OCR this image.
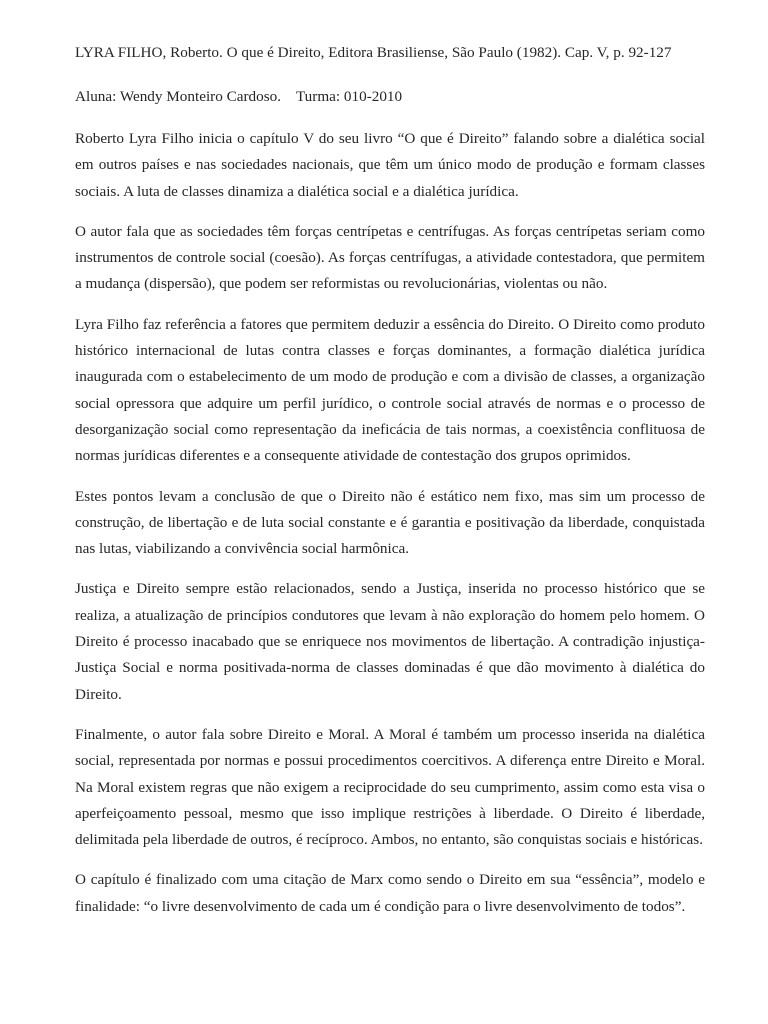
LYRA FILHO, Roberto. O que é Direito, Editora Brasiliense, São Paulo (1982). Cap. V, p. 92-127

Aluna: Wendy Monteiro Cardoso.    Turma: 010-2010

Roberto Lyra Filho inicia o capítulo V do seu livro “O que é Direito” falando sobre a dialética social em outros países e nas sociedades nacionais, que têm um único modo de produção e formam classes sociais. A luta de classes dinamiza a dialética social e a dialética jurídica.

O autor fala que as sociedades têm forças centrípetas e centrífugas. As forças centrípetas seriam como instrumentos de controle social (coesão). As forças centrífugas, a atividade contestadora, que permitem a mudança (dispersão), que podem ser reformistas ou revolucionárias, violentas ou não.

Lyra Filho faz referência a fatores que permitem deduzir a essência do Direito. O Direito como produto histórico internacional de lutas contra classes e forças dominantes, a formação dialética jurídica inaugurada com o estabelecimento de um modo de produção e com a divisão de classes, a organização social opressora que adquire um perfil jurídico, o controle social através de normas e o processo de desorganização social como representação da ineficácia de tais normas, a coexistência conflituosa de normas jurídicas diferentes e a consequente atividade de contestação dos grupos oprimidos.

Estes pontos levam a conclusão de que o Direito não é estático nem fixo, mas sim um processo de construção, de libertação e de luta social constante e é garantia e positivação da liberdade, conquistada nas lutas, viabilizando a convivência social harmônica.

Justiça e Direito sempre estão relacionados, sendo a Justiça, inserida no processo histórico que se realiza, a atualização de princípios condutores que levam à não exploração do homem pelo homem. O Direito é processo inacabado que se enriquece nos movimentos de libertação. A contradição injustiça-Justiça Social e norma positivada-norma de classes dominadas é que dão movimento à dialética do Direito.

Finalmente, o autor fala sobre Direito e Moral. A Moral é também um processo inserida na dialética social, representada por normas e possui procedimentos coercitivos. A diferença entre Direito e Moral. Na Moral existem regras que não exigem a reciprocidade do seu cumprimento, assim como esta visa o aperfeiçoamento pessoal, mesmo que isso implique restrições à liberdade. O Direito é liberdade, delimitada pela liberdade de outros, é recíproco. Ambos, no entanto, são conquistas sociais e históricas.

O capítulo é finalizado com uma citação de Marx como sendo o Direito em sua “essência”, modelo e finalidade: “o livre desenvolvimento de cada um é condição para o livre desenvolvimento de todos”.
